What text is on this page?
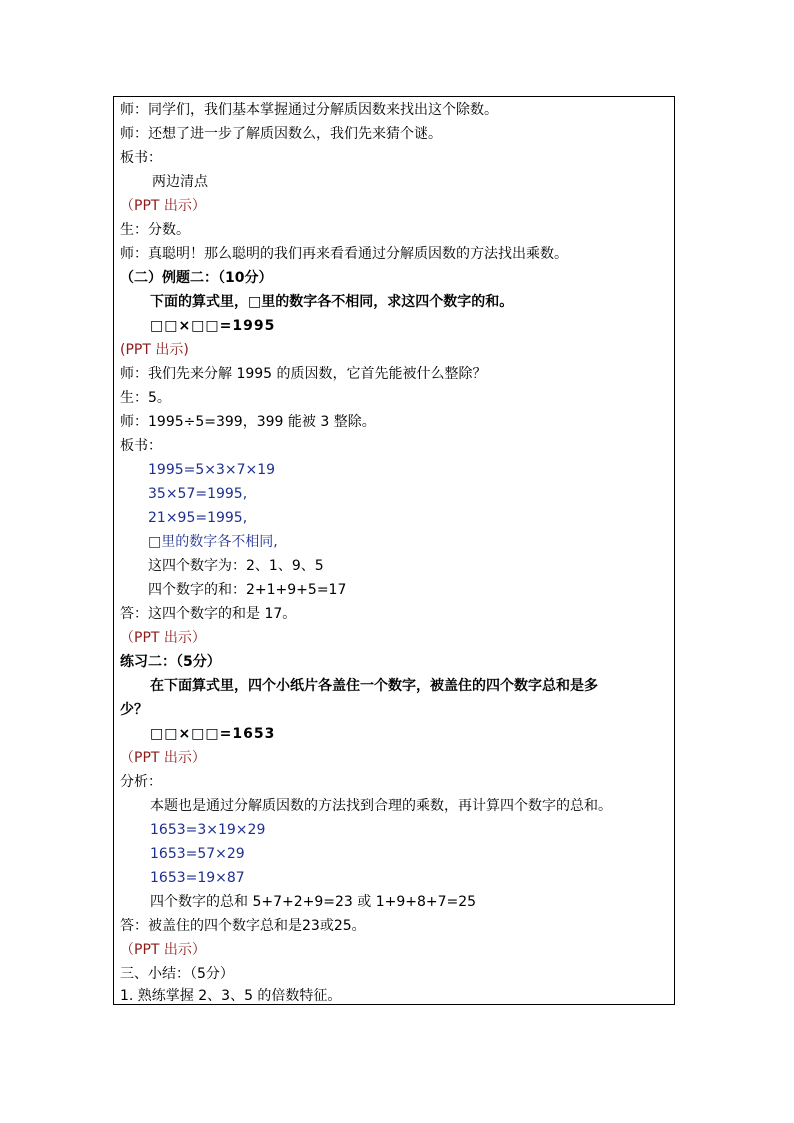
师：同学们，我们基本掌握通过分解质因数来找出这个除数。
师：还想了进一步了解质因数么，我们先来猜个谜。
板书：
两边清点
（PPT 出示）
生：分数。
师：真聪明！那么聪明的我们再来看看通过分解质因数的方法找出乘数。
（二）例题二：（10分）
下面的算式里，□里的数字各不相同，求这四个数字的和。
□□×□□=1995
(PPT 出示)
师：我们先来分解 1995 的质因数，它首先能被什么整除？
生：5。
师：1995÷5=399，399 能被 3 整除。
板书：
1995=5×3×7×19
35×57=1995,
21×95=1995,
□里的数字各不相同,
这四个数字为：2、1、9、5
四个数字的和：2+1+9+5=17
答：这四个数字的和是 17。
（PPT 出示）
练习二：（5分）
在下面算式里，四个小纸片各盖住一个数字，被盖住的四个数字总和是多
少？
□□×□□=1653
（PPT 出示）
分析：
本题也是通过分解质因数的方法找到合理的乘数，再计算四个数字的总和。
1653=3×19×29
1653=57×29
1653=19×87
四个数字的总和 5+7+2+9=23 或 1+9+8+7=25
答：被盖住的四个数字总和是23或25。
（PPT 出示）
三、小结：（5分）
1. 熟练掌握 2、3、5 的倍数特征。
